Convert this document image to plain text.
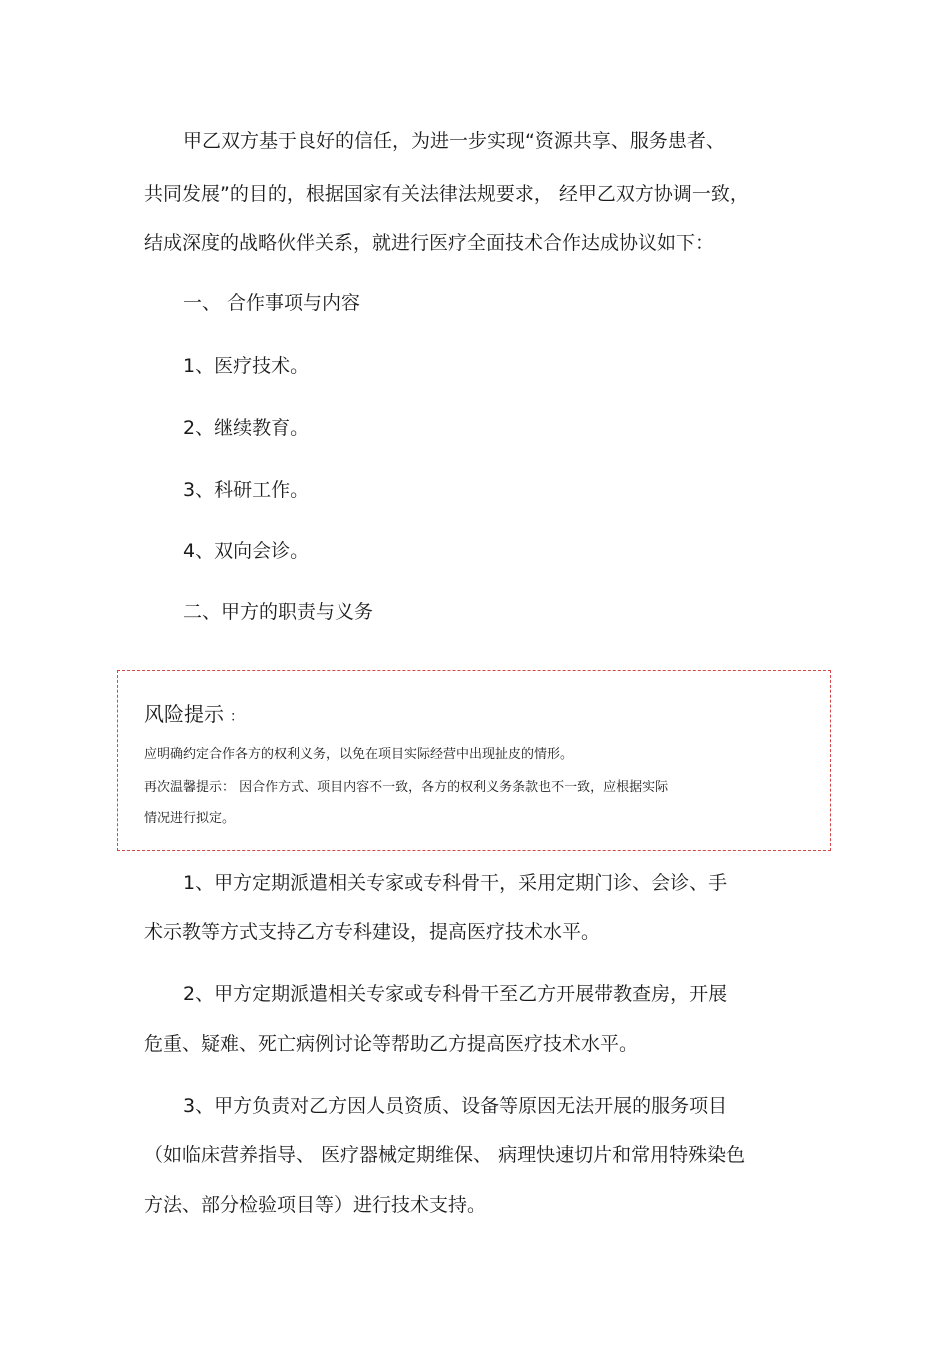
甲乙双方基于良好的信任，为进一步实现“资源共享、服务患者、

共同发展”的目的，根据国家有关法律法规要求， 经甲乙双方协调一致，

结成深度的战略伙伴关系，就进行医疗全面技术合作达成协议如下：

一、 合作事项与内容

1、医疗技术。

2、继续教育。

3、科研工作。

4、双向会诊。

二、甲方的职责与义务

风险提示 ：

应明确约定合作各方的权利义务，以免在项目实际经营中出现扯皮的情形。

再次温馨提示： 因合作方式、项目内容不一致，各方的权利义务条款也不一致，应根据实际

情况进行拟定。

1、甲方定期派遣相关专家或专科骨干，采用定期门诊、会诊、手

术示教等方式支持乙方专科建设，提高医疗技术水平。

2、甲方定期派遣相关专家或专科骨干至乙方开展带教查房，开展

危重、疑难、死亡病例讨论等帮助乙方提高医疗技术水平。

3、甲方负责对乙方因人员资质、设备等原因无法开展的服务项目

（如临床营养指导、 医疗器械定期维保、 病理快速切片和常用特殊染色

方法、部分检验项目等）进行技术支持。
